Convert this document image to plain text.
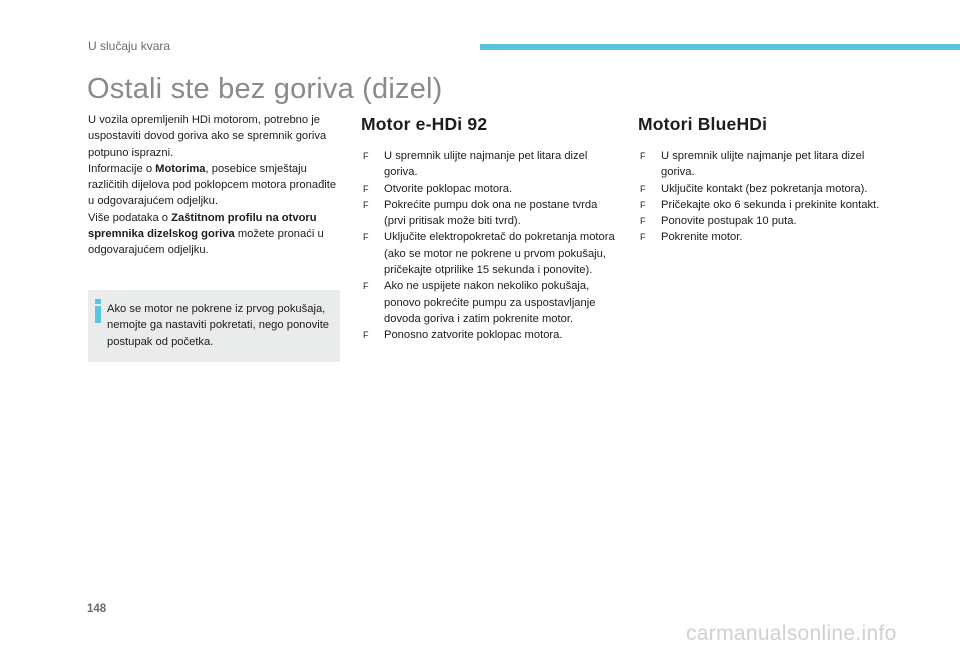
U slučaju kvara
Ostali ste bez goriva (dizel)

U vozila opremljenih HDi motorom, potrebno je uspostaviti dovod goriva ako se spremnik goriva potpuno isprazni.

Informacije o Motorima, posebice smještaju različitih dijelova pod poklopcem motora pronađite u odgovarajućem odjeljku.

Više podataka o Zaštitnom profilu na otvoru spremnika dizelskog goriva možete pronaći u odgovarajućem odjeljku.

Ako se motor ne pokrene iz prvog pokušaja, nemojte ga nastaviti pokretati, nego ponovite postupak od početka.
Motor e-HDi 92
F U spremnik ulijte najmanje pet litara dizel goriva.
F Otvorite poklopac motora.
F Pokrećite pumpu dok ona ne postane tvrda (prvi pritisak može biti tvrd).
F Uključite elektropokretač do pokretanja motora (ako se motor ne pokrene u prvom pokušaju, pričekajte otprilike 15 sekunda i ponovite).
F Ako ne uspijete nakon nekoliko pokušaja, ponovo pokrećite pumpu za uspostavljanje dovoda goriva i zatim pokrenite motor.
F Ponosno zatvorite poklopac motora.
Motori BlueHDi
F U spremnik ulijte najmanje pet litara dizel goriva.
F Uključite kontakt (bez pokretanja motora).
F Pričekajte oko 6 sekunda i prekinite kontakt.
F Ponovite postupak 10 puta.
F Pokrenite motor.
148
carmanualsonline.info
